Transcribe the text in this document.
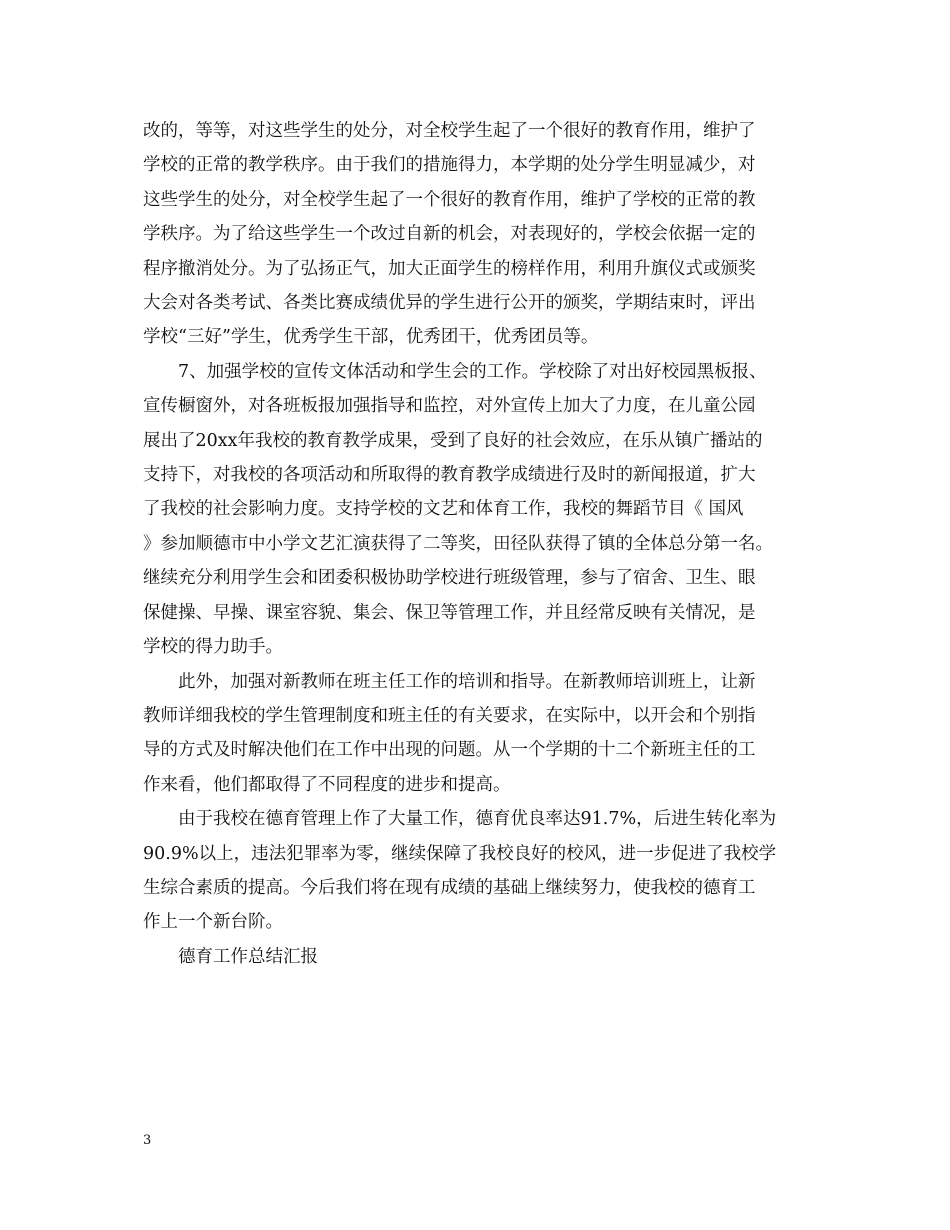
改的，等等，对这些学生的处分，对全校学生起了一个很好的教育作用，维护了
学校的正常的教学秩序。由于我们的措施得力，本学期的处分学生明显减少，对
这些学生的处分，对全校学生起了一个很好的教育作用，维护了学校的正常的教
学秩序。为了给这些学生一个改过自新的机会，对表现好的，学校会依据一定的
程序撤消处分。为了弘扬正气，加大正面学生的榜样作用，利用升旗仪式或颁奖
大会对各类考试、各类比赛成绩优异的学生进行公开的颁奖，学期结束时，评出
学校“三好”学生，优秀学生干部，优秀团干，优秀团员等。
7、加强学校的宣传文体活动和学生会的工作。学校除了对出好校园黑板报、
宣传橱窗外，对各班板报加强指导和监控，对外宣传上加大了力度，在儿童公园
展出了20xx年我校的教育教学成果，受到了良好的社会效应，在乐从镇广播站的
支持下，对我校的各项活动和所取得的教育教学成绩进行及时的新闻报道，扩大
了我校的社会影响力度。支持学校的文艺和体育工作，我校的舞蹈节目《 国风
》参加顺德市中小学文艺汇演获得了二等奖，田径队获得了镇的全体总分第一名。
继续充分利用学生会和团委积极协助学校进行班级管理，参与了宿舍、卫生、眼
保健操、早操、课室容貌、集会、保卫等管理工作，并且经常反映有关情况，是
学校的得力助手。
此外，加强对新教师在班主任工作的培训和指导。在新教师培训班上，让新
教师详细我校的学生管理制度和班主任的有关要求，在实际中，以开会和个别指
导的方式及时解决他们在工作中出现的问题。从一个学期的十二个新班主任的工
作来看，他们都取得了不同程度的进步和提高。
由于我校在德育管理上作了大量工作，德育优良率达91.7%，后进生转化率为
90.9%以上，违法犯罪率为零，继续保障了我校良好的校风，进一步促进了我校学
生综合素质的提高。今后我们将在现有成绩的基础上继续努力，使我校的德育工
作上一个新台阶。
德育工作总结汇报
3
